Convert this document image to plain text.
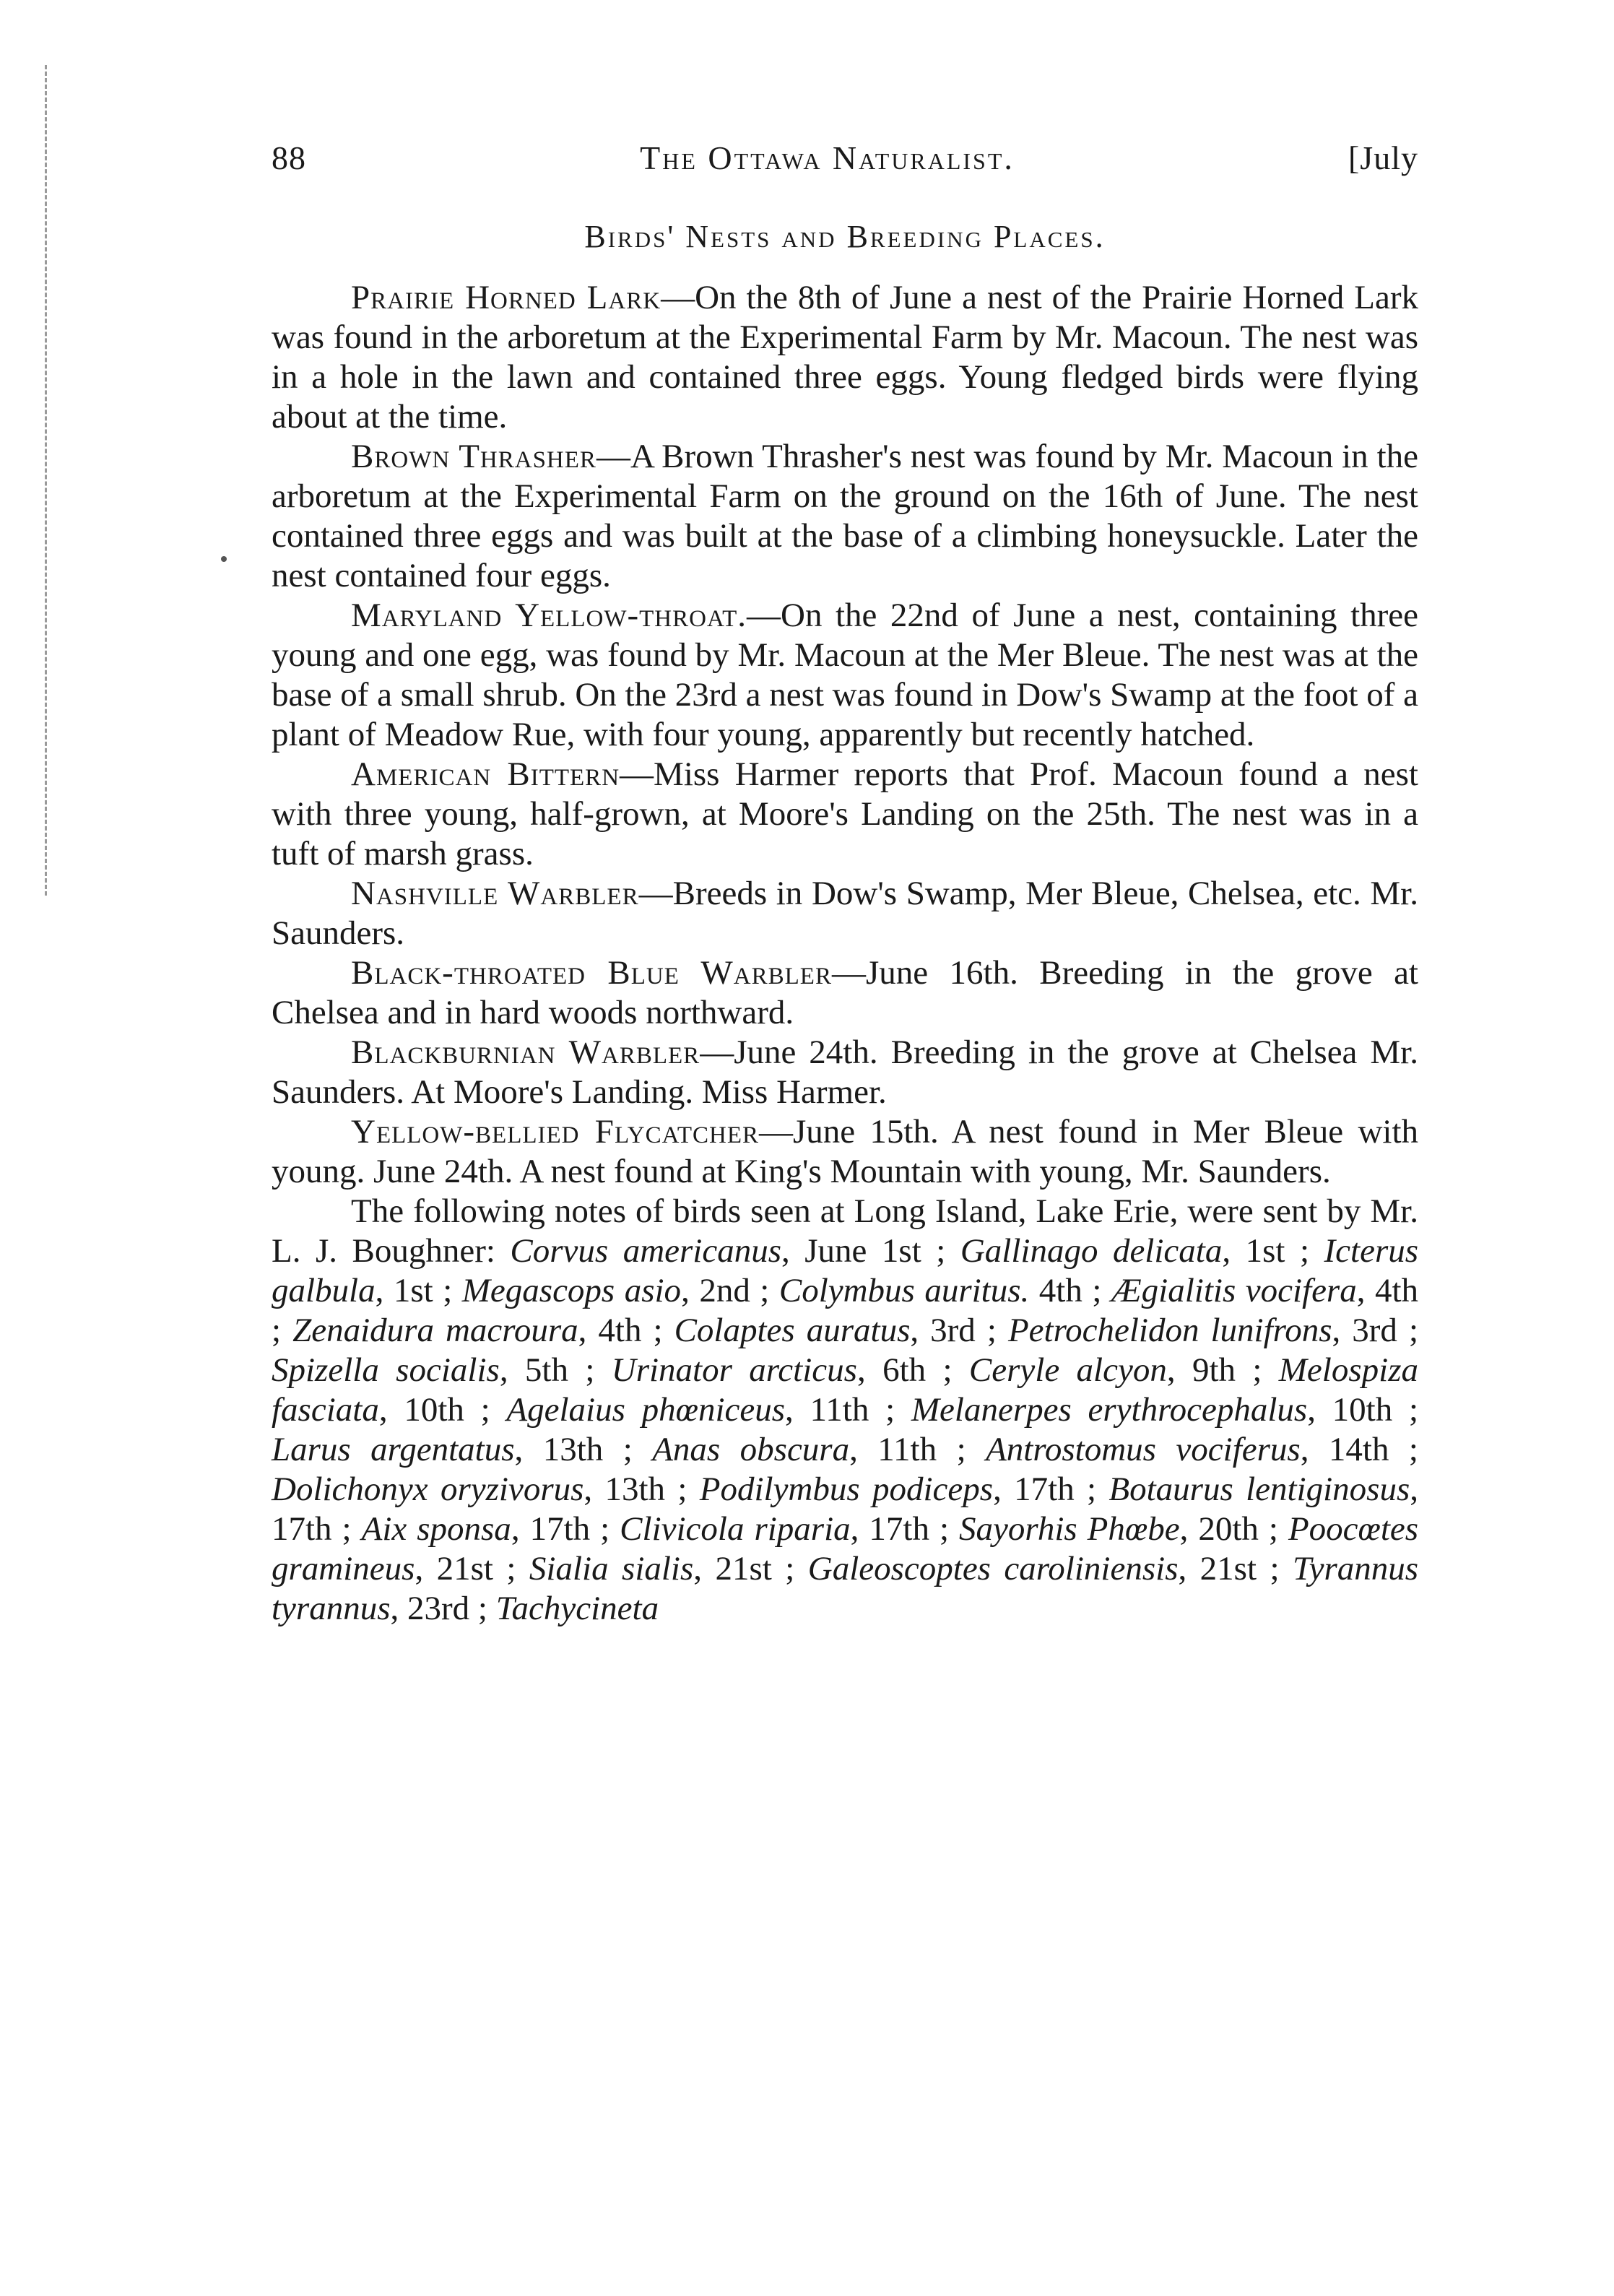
88	The Ottawa Naturalist.	[July
Birds' Nests and Breeding Places.

Prairie Horned Lark—On the 8th of June a nest of the Prairie Horned Lark was found in the arboretum at the Experimental Farm by Mr. Macoun. The nest was in a hole in the lawn and contained three eggs. Young fledged birds were flying about at the time.

Brown Thrasher—A Brown Thrasher's nest was found by Mr. Macoun in the arboretum at the Experimental Farm on the ground on the 16th of June. The nest contained three eggs and was built at the base of a climbing honeysuckle. Later the nest contained four eggs.

Maryland Yellow-throat.—On the 22nd of June a nest, containing three young and one egg, was found by Mr. Macoun at the Mer Bleue. The nest was at the base of a small shrub. On the 23rd a nest was found in Dow's Swamp at the foot of a plant of Meadow Rue, with four young, apparently but recently hatched.

American Bittern—Miss Harmer reports that Prof. Macoun found a nest with three young, half-grown, at Moore's Landing on the 25th. The nest was in a tuft of marsh grass.

Nashville Warbler—Breeds in Dow's Swamp, Mer Bleue, Chelsea, etc. Mr. Saunders.

Black-throated Blue Warbler—June 16th. Breeding in the grove at Chelsea and in hard woods northward.

Blackburnian Warbler—June 24th. Breeding in the grove at Chelsea Mr. Saunders. At Moore's Landing. Miss Harmer.

Yellow-bellied Flycatcher—June 15th. A nest found in Mer Bleue with young. June 24th. A nest found at King's Mountain with young, Mr. Saunders.

The following notes of birds seen at Long Island, Lake Erie, were sent by Mr. L. J. Boughner: Corvus americanus, June 1st ; Gallinago delicata, 1st ; Icterus galbula, 1st ; Megascops asio, 2nd ; Colymbus auritus. 4th ; Ægialitis vocifera, 4th ; Zenaidura macroura, 4th ; Colaptes auratus, 3rd ; Petrochelidon lunifrons, 3rd ; Spizella socialis, 5th ; Urinator arcticus, 6th ; Ceryle alcyon, 9th ; Melospiza fasciata, 10th ; Agelaius phœniceus, 11th ; Melanerpes erythrocephalus, 10th ; Larus argentatus, 13th ; Anas obscura, 11th ; Antrostomus vociferus, 14th ; Dolichonyx oryzivorus, 13th ; Podilymbus podiceps, 17th ; Botaurus lentiginosus, 17th ; Aix sponsa, 17th ; Clivicola riparia, 17th ; Sayorhis Phœbe, 20th ; Poocœtes gramineus, 21st ; Sialia sialis, 21st ; Galeoscoptes caroliniensis, 21st ; Tyrannus tyrannus, 23rd ; Tachycineta
